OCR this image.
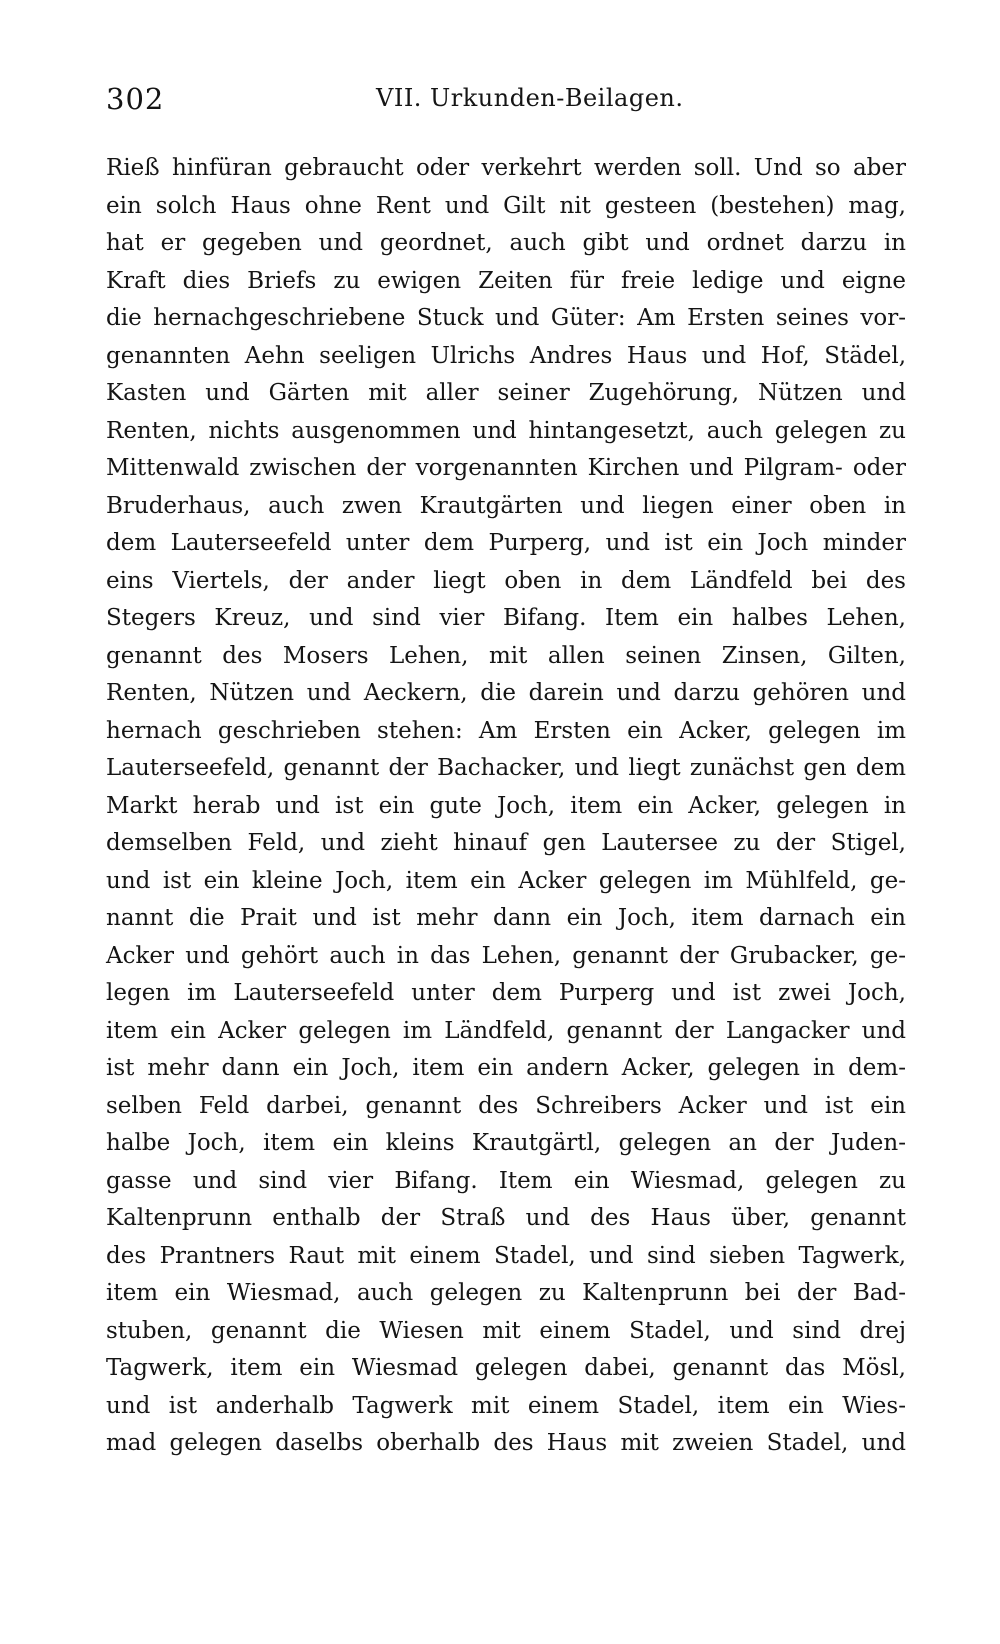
302	VII. Urkunden-Beilagen.
Rieß hinfüran gebraucht oder verkehrt werden soll. Und so aber
ein solch Haus ohne Rent und Gilt nit gesteen (bestehen) mag,
hat er gegeben und geordnet, auch gibt und ordnet darzu in
Kraft dies Briefs zu ewigen Zeiten für freie ledige und eigne
die hernachgeschriebene Stuck und Güter: Am Ersten seines vor-
genannten Aehn seeligen Ulrichs Andres Haus und Hof, Städel,
Kasten und Gärten mit aller seiner Zugehörung, Nützen und
Renten, nichts ausgenommen und hintangesetzt, auch gelegen zu
Mittenwald zwischen der vorgenannten Kirchen und Pilgram- oder
Bruderhaus, auch zwen Krautgärten und liegen einer oben in
dem Lauterseefeld unter dem Purperg, und ist ein Joch minder
eins Viertels, der ander liegt oben in dem Ländfeld bei des
Stegers Kreuz, und sind vier Bifang. Item ein halbes Lehen,
genannt des Mosers Lehen, mit allen seinen Zinsen, Gilten,
Renten, Nützen und Aeckern, die darein und darzu gehören und
hernach geschrieben stehen: Am Ersten ein Acker, gelegen im
Lauterseefeld, genannt der Bachacker, und liegt zunächst gen dem
Markt herab und ist ein gute Joch, item ein Acker, gelegen in
demselben Feld, und zieht hinauf gen Lautersee zu der Stigel,
und ist ein kleine Joch, item ein Acker gelegen im Mühlfeld, ge-
nannt die Prait und ist mehr dann ein Joch, item darnach ein
Acker und gehört auch in das Lehen, genannt der Grubacker, ge-
legen im Lauterseefeld unter dem Purperg und ist zwei Joch,
item ein Acker gelegen im Ländfeld, genannt der Langacker und
ist mehr dann ein Joch, item ein andern Acker, gelegen in dem-
selben Feld darbei, genannt des Schreibers Acker und ist ein
halbe Joch, item ein kleins Krautgärtl, gelegen an der Juden-
gasse und sind vier Bifang. Item ein Wiesmad, gelegen zu
Kaltenprunn enthalb der Straß und des Haus über, genannt
des Prantners Raut mit einem Stadel, und sind sieben Tagwerk,
item ein Wiesmad, auch gelegen zu Kaltenprunn bei der Bad-
stuben, genannt die Wiesen mit einem Stadel, und sind drej
Tagwerk, item ein Wiesmad gelegen dabei, genannt das Mösl,
und ist anderhalb Tagwerk mit einem Stadel, item ein Wies-
mad gelegen daselbs oberhalb des Haus mit zweien Stadel, und
